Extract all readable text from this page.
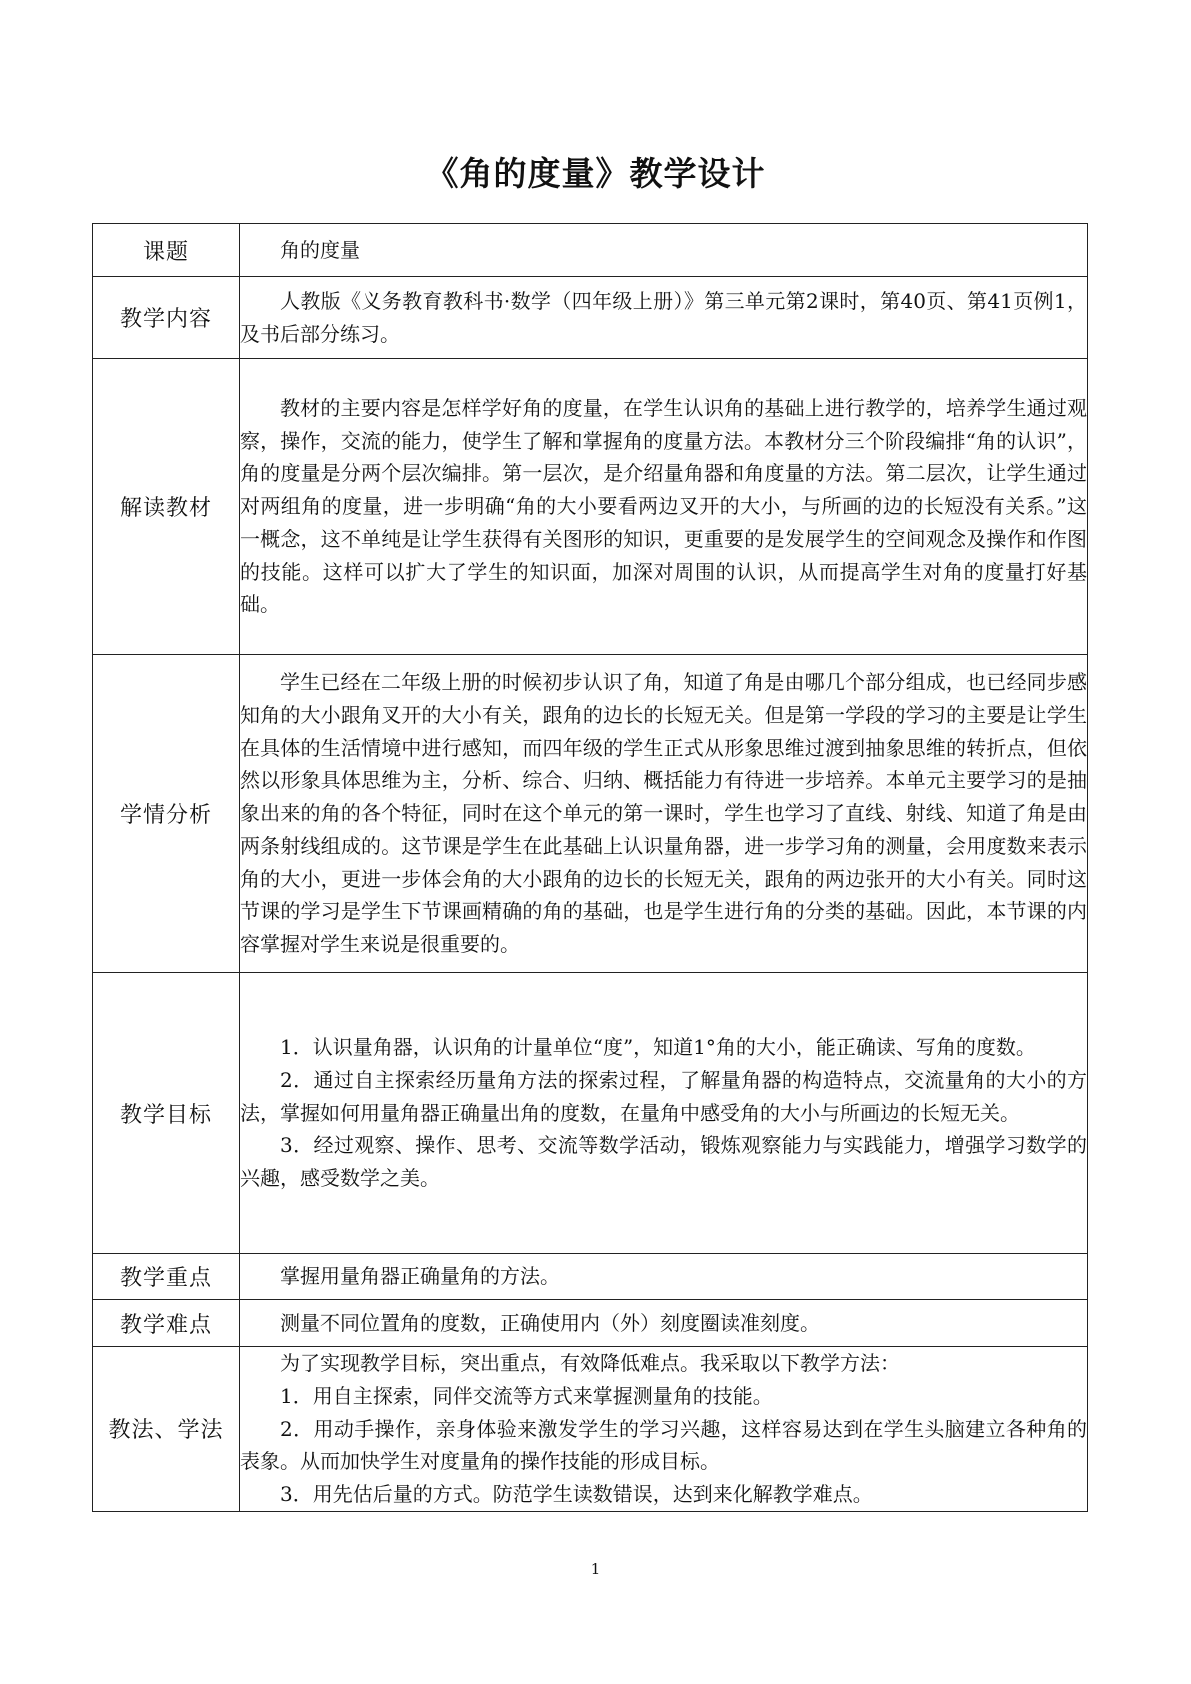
《角的度量》教学设计
课题	角的度量

教学内容	人教版《义务教育教科书·数学（四年级上册）》第三单元第2课时，第40页、第41页例1，及书后部分练习。

解读教材	教材的主要内容是怎样学好角的度量，在学生认识角的基础上进行教学的，培养学生通过观察，操作，交流的能力，使学生了解和掌握角的度量方法。本教材分三个阶段编排“角的认识”，角的度量是分两个层次编排。第一层次，是介绍量角器和角度量的方法。第二层次，让学生通过对两组角的度量，进一步明确“角的大小要看两边叉开的大小，与所画的边的长短没有关系。”这一概念，这不单纯是让学生获得有关图形的知识，更重要的是发展学生的空间观念及操作和作图的技能。这样可以扩大了学生的知识面，加深对周围的认识，从而提高学生对角的度量打好基础。

学情分析	学生已经在二年级上册的时候初步认识了角，知道了角是由哪几个部分组成，也已经同步感知角的大小跟角叉开的大小有关，跟角的边长的长短无关。但是第一学段的学习的主要是让学生在具体的生活情境中进行感知，而四年级的学生正式从形象思维过渡到抽象思维的转折点，但依然以形象具体思维为主，分析、综合、归纳、概括能力有待进一步培养。本单元主要学习的是抽象出来的角的各个特征，同时在这个单元的第一课时，学生也学习了直线、射线、知道了角是由两条射线组成的。这节课是学生在此基础上认识量角器，进一步学习角的测量，会用度数来表示角的大小，更进一步体会角的大小跟角的边长的长短无关，跟角的两边张开的大小有关。同时这节课的学习是学生下节课画精确的角的基础，也是学生进行角的分类的基础。因此，本节课的内容掌握对学生来说是很重要的。

教学目标	1．认识量角器，认识角的计量单位“度”，知道1°角的大小，能正确读、写角的度数。

2．通过自主探索经历量角方法的探索过程，了解量角器的构造特点，交流量角的大小的方法，掌握如何用量角器正确量出角的度数，在量角中感受角的大小与所画边的长短无关。

3．经过观察、操作、思考、交流等数学活动，锻炼观察能力与实践能力，增强学习数学的兴趣，感受数学之美。

教学重点	掌握用量角器正确量角的方法。

教学难点	测量不同位置角的度数，正确使用内（外）刻度圈读准刻度。

教法、学法	为了实现教学目标，突出重点，有效降低难点。我采取以下教学方法：

1．用自主探索，同伴交流等方式来掌握测量角的技能。

2．用动手操作，亲身体验来激发学生的学习兴趣，这样容易达到在学生头脑建立各种角的表象。从而加快学生对度量角的操作技能的形成目标。

3．用先估后量的方式。防范学生读数错误，达到来化解教学难点。

1
